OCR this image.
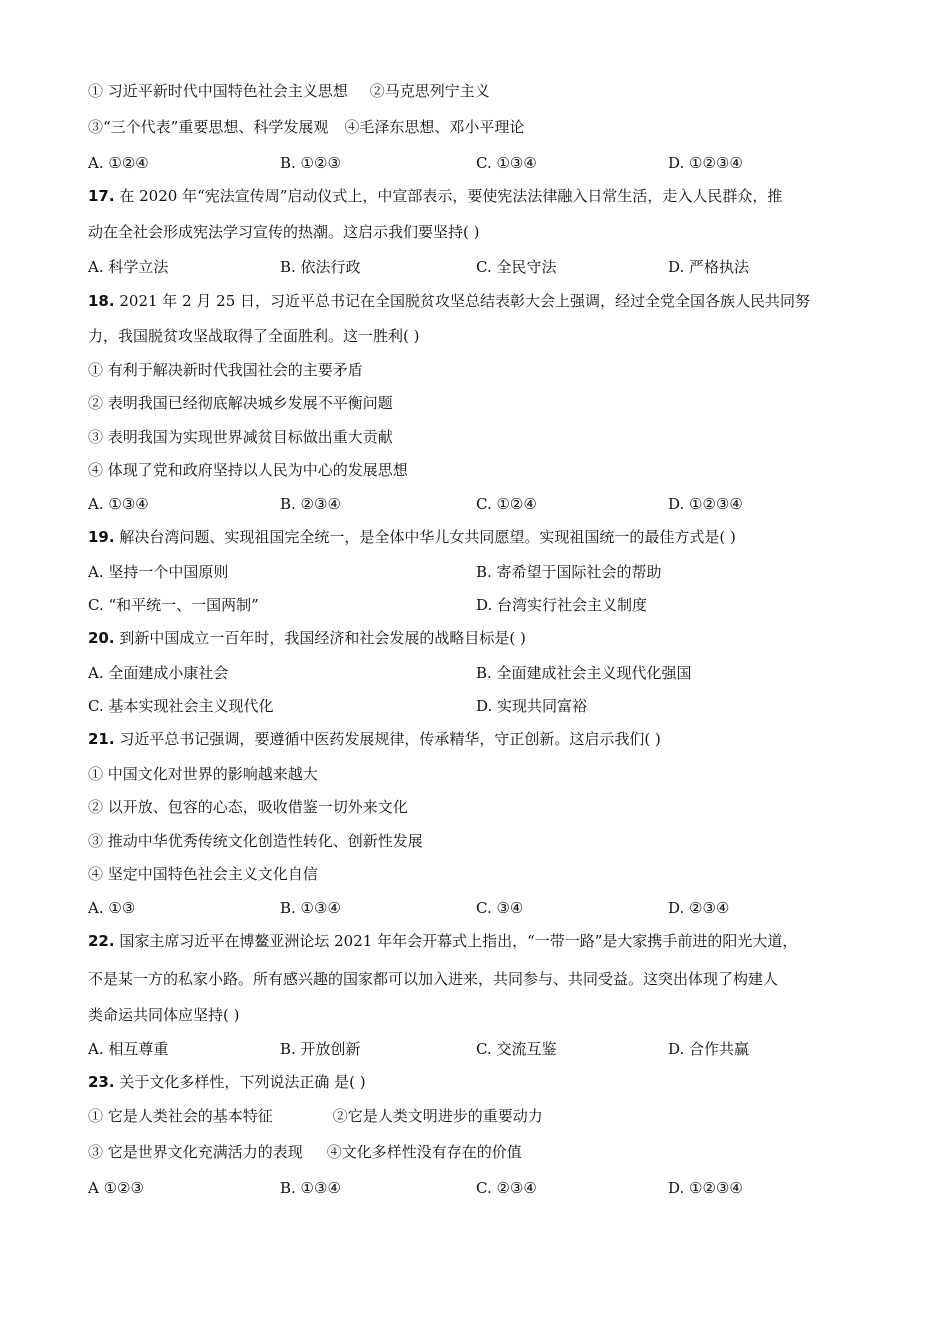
① 习近平新时代中国特色社会主义思想 ②马克思列宁主义
③“三个代表”重要思想、科学发展观 ④毛泽东思想、邓小平理论
A. ①②④	B. ①②③	C. ①③④	D. ①②③④
17. 在 2020 年“宪法宣传周”启动仪式上，中宣部表示，要使宪法法律融入日常生活，走入人民群众，推
动在全社会形成宪法学习宣传的热潮。这启示我们要坚持( )
A. 科学立法	B. 依法行政	C. 全民守法	D. 严格执法
18. 2021 年 2 月 25 日，习近平总书记在全国脱贫攻坚总结表彰大会上强调，经过全党全国各族人民共同努
力，我国脱贫攻坚战取得了全面胜利。这一胜利( )
① 有利于解决新时代我国社会的主要矛盾
② 表明我国已经彻底解决城乡发展不平衡问题
③ 表明我国为实现世界减贫目标做出重大贡献
④ 体现了党和政府坚持以人民为中心的发展思想
A. ①③④	B. ②③④	C. ①②④	D. ①②③④
19. 解决台湾问题、实现祖国完全统一，是全体中华儿女共同愿望。实现祖国统一的最佳方式是( )
A. 坚持一个中国原则	B. 寄希望于国际社会的帮助
C. “和平统一、一国两制”	D. 台湾实行社会主义制度
20. 到新中国成立一百年时，我国经济和社会发展的战略目标是( )
A. 全面建成小康社会	B. 全面建成社会主义现代化强国
C. 基本实现社会主义现代化	D. 实现共同富裕
21. 习近平总书记强调，要遵循中医药发展规律，传承精华，守正创新。这启示我们( )
① 中国文化对世界的影响越来越大
② 以开放、包容的心态，吸收借鉴一切外来文化
③ 推动中华优秀传统文化创造性转化、创新性发展
④ 坚定中国特色社会主义文化自信
A. ①③	B. ①③④	C. ③④	D. ②③④
22. 国家主席习近平在博鳌亚洲论坛 2021 年年会开幕式上指出，“一带一路”是大家携手前进的阳光大道，
不是某一方的私家小路。所有感兴趣的国家都可以加入进来，共同参与、共同受益。这突出体现了构建人
类命运共同体应坚持( )
A. 相互尊重	B. 开放创新	C. 交流互鉴	D. 合作共赢
23. 关于文化多样性，下列说法正确 是( )
① 它是人类社会的基本特征	②它是人类文明进步的重要动力
③ 它是世界文化充满活力的表现 ④文化多样性没有存在的价值
A ①②③	B. ①③④	C. ②③④	D. ①②③④
